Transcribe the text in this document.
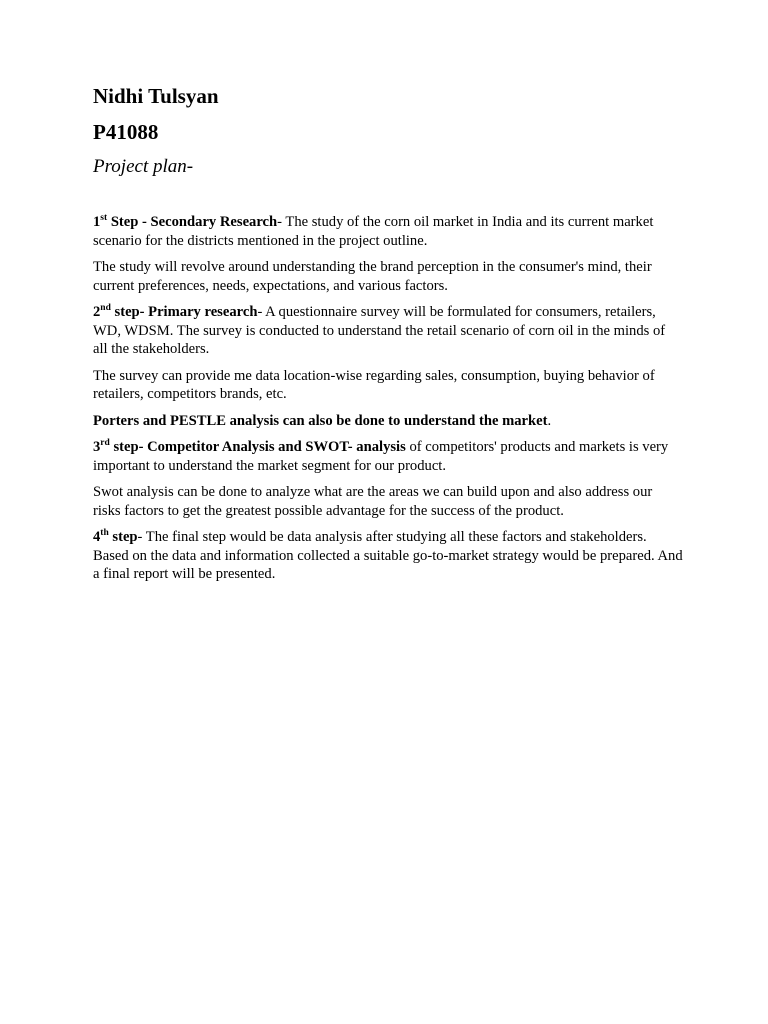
Nidhi Tulsyan
P41088
Project plan-

1st Step - Secondary Research- The study of the corn oil market in India and its current market scenario for the districts mentioned in the project outline.

The study will revolve around understanding the brand perception in the consumer's mind, their current preferences, needs, expectations, and various factors.

2nd step- Primary research- A questionnaire survey will be formulated for consumers, retailers, WD, WDSM. The survey is conducted to understand the retail scenario of corn oil in the minds of all the stakeholders.

The survey can provide me data location-wise regarding sales, consumption, buying behavior of retailers, competitors brands, etc.

Porters and PESTLE analysis can also be done to understand the market.

3rd step- Competitor Analysis and SWOT- analysis of competitors' products and markets is very important to understand the market segment for our product.

Swot analysis can be done to analyze what are the areas we can build upon and also address our risks factors to get the greatest possible advantage for the success of the product.

4th step- The final step would be data analysis after studying all these factors and stakeholders. Based on the data and information collected a suitable go-to-market strategy would be prepared. And a final report will be presented.
